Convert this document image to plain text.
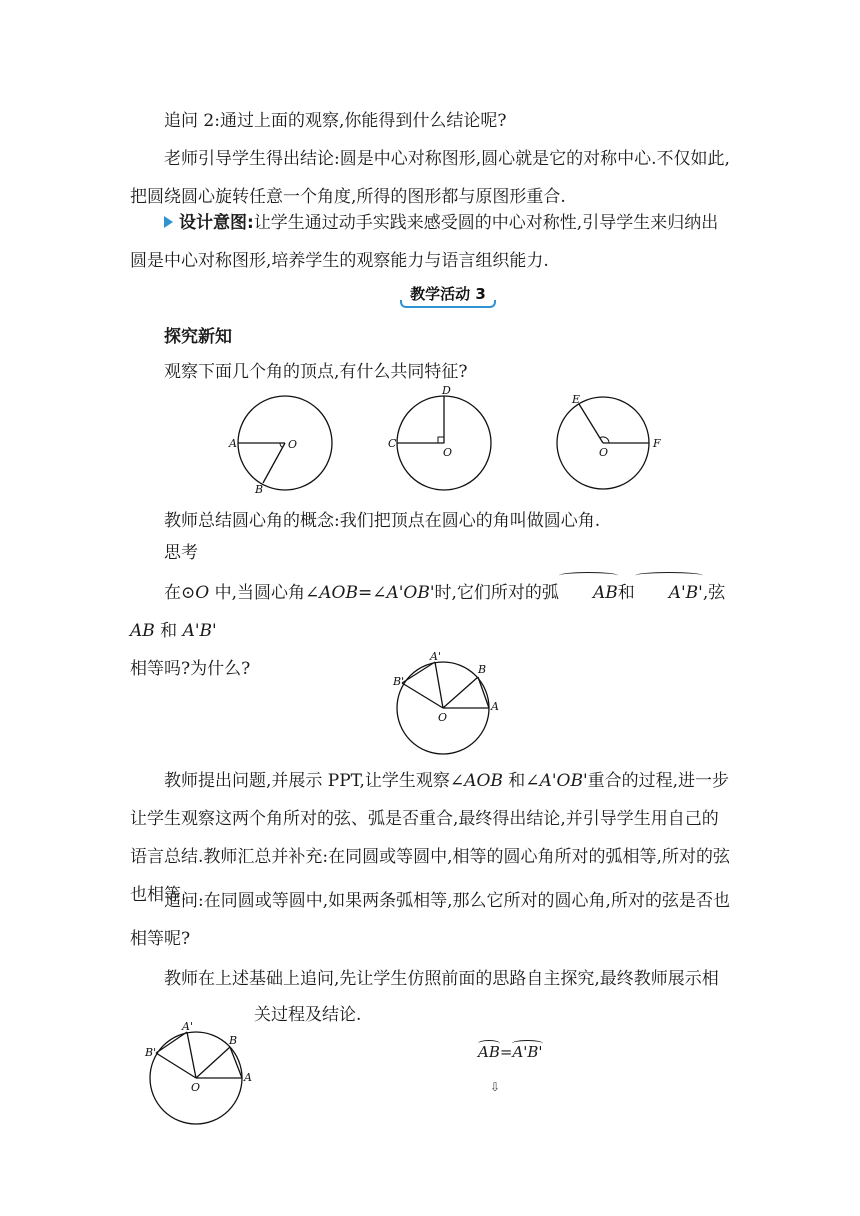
追问 2:通过上面的观察,你能得到什么结论呢?

老师引导学生得出结论:圆是中心对称图形,圆心就是它的对称中心.不仅如此,把圆绕圆心旋转任意一个角度,所得的图形都与原图形重合.

设计意图:让学生通过动手实践来感受圆的中心对称性,引导学生来归纳出圆是中心对称图形,培养学生的观察能力与语言组织能力.

教学活动 3

探究新知

观察下面几个角的顶点,有什么共同特征?

A
B
O	C
D
O
E
F
O

教师总结圆心角的概念:我们把顶点在圆心的角叫做圆心角.

思考

在⊙O 中,当圆心角∠AOB=∠A'OB'时,它们所对的弧 AB和 A'B',弦 AB 和 A'B'
相等吗?为什么?

A
B
A'
B'
O

教师提出问题,并展示 PPT,让学生观察∠AOB 和∠A'OB'重合的过程,进一步让学生观察这两个角所对的弦、弧是否重合,最终得出结论,并引导学生用自己的语言总结.教师汇总并补充:在同圆或等圆中,相等的圆心角所对的弧相等,所对的弦也相等.

追问:在同圆或等圆中,如果两条弧相等,那么它所对的圆心角,所对的弦是否也相等呢?

教师在上述基础上追问,先让学生仿照前面的思路自主探究,最终教师展示相

关过程及结论.

A
B
A'
B'
O
AB=A'B'
⇩
